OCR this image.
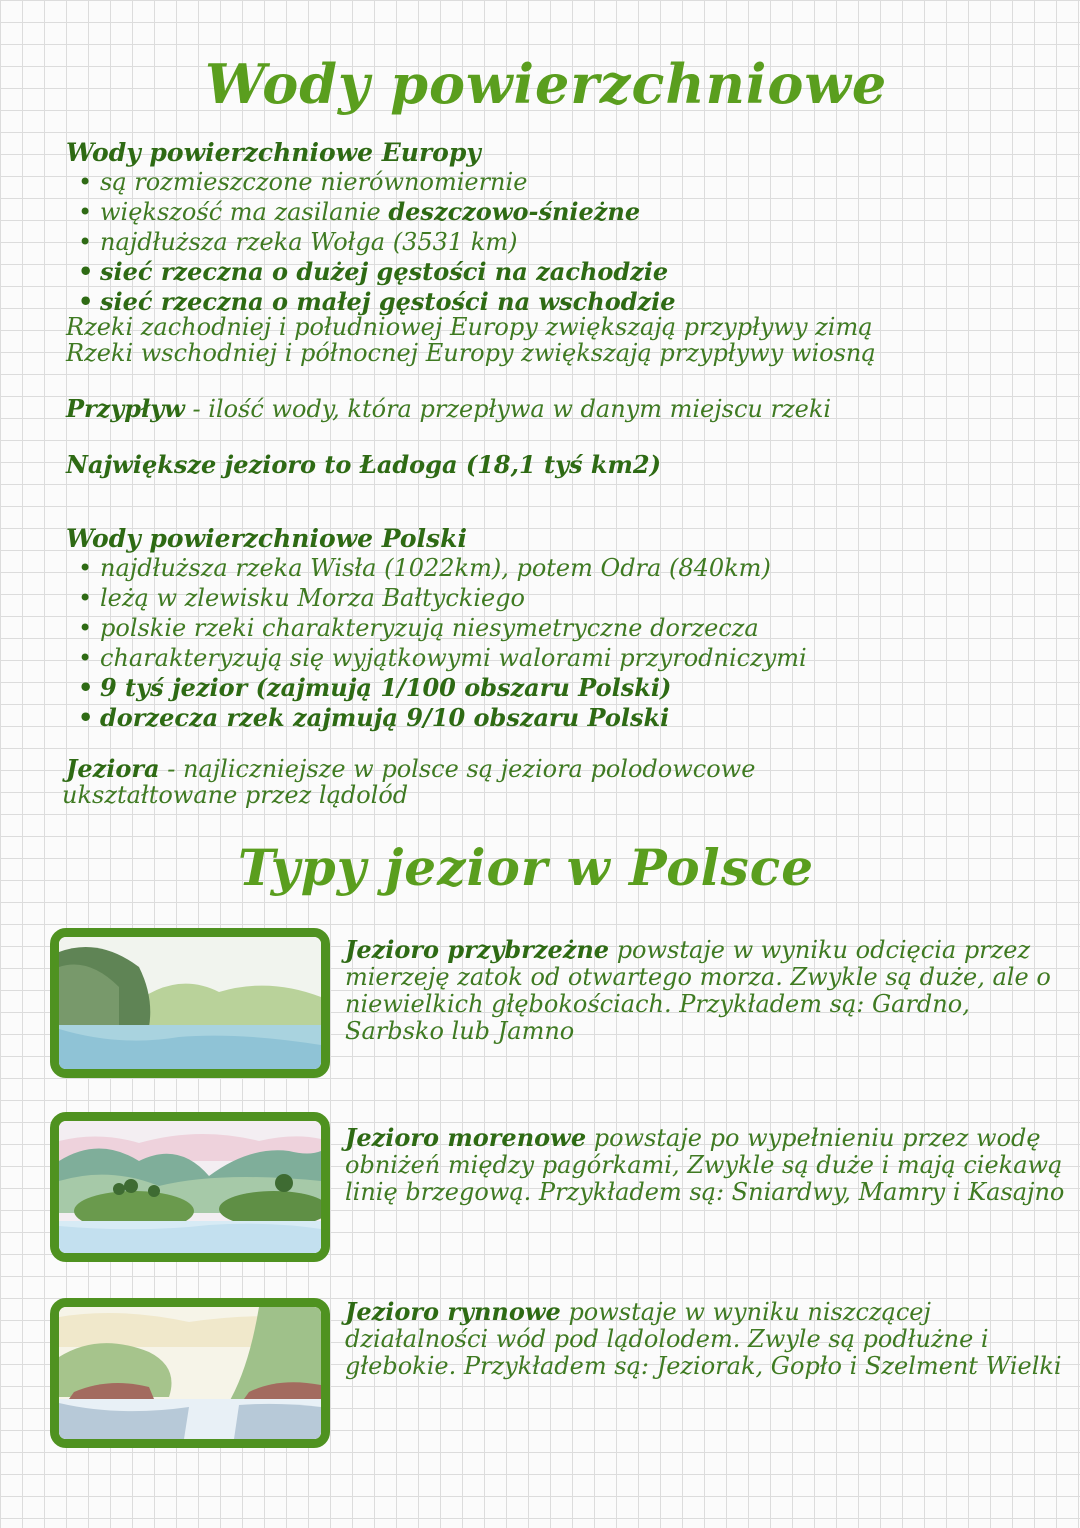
Wody powierzchniowe
Wody powierzchniowe Europy
• są rozmieszczone nierównomiernie
• większość ma zasilanie deszczowo-śnieżne
• najdłuższa rzeka Wołga (3531 km)
• sieć rzeczna o dużej gęstości na zachodzie
• sieć rzeczna o małej gęstości na wschodzie
Rzeki zachodniej i południowej Europy zwiększają przypływy zimą
Rzeki wschodniej i północnej Europy zwiększają przypływy wiosną
Przypływ - ilość wody, która przepływa w danym miejscu rzeki
Największe jezioro to Ładoga (18,1 tyś km2)
Wody powierzchniowe Polski
• najdłuższa rzeka Wisła (1022km), potem Odra (840km)
• leżą w zlewisku Morza Bałtyckiego
• polskie rzeki charakteryzują niesymetryczne dorzecza
• charakteryzują się wyjątkowymi walorami przyrodniczymi
• 9 tyś jezior (zajmują 1/100 obszaru Polski)
• dorzecza rzek zajmują 9/10 obszaru Polski
Jeziora - najliczniejsze w polsce są jeziora polodowcowe
ukształtowane przez lądolód
Typy jezior w Polsce
Jezioro przybrzeżne powstaje w wyniku odcięcia przez mierzeję zatok od otwartego morza. Zwykle są duże, ale o niewielkich głębokościach. Przykładem są: Gardno, Sarbsko lub Jamno
Jezioro morenowe powstaje po wypełnieniu przez wodę obniżeń między pagórkami, Zwykle są duże i mają ciekawą linię brzegową. Przykładem są: Sniardwy, Mamry i Kasajno
Jezioro rynnowe powstaje w wyniku niszczącej działalności wód pod lądolodem. Zwyle są podłużne i głebokie. Przykładem są: Jeziorak, Gopło i Szelment Wielki
